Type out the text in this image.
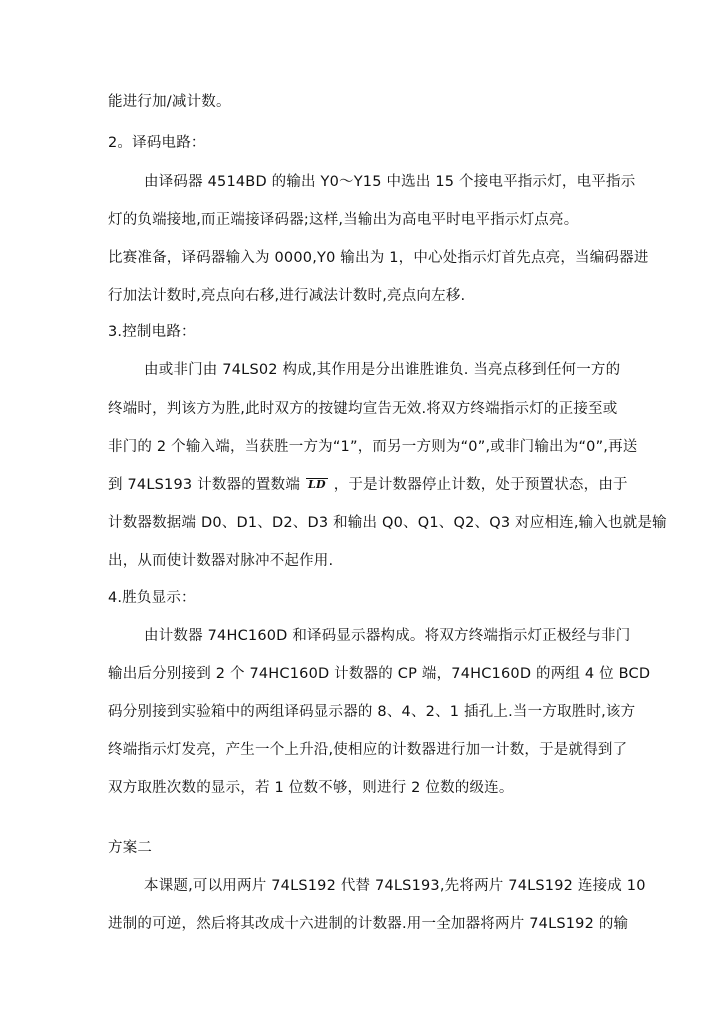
能进行加/减计数。
2。译码电路：
由译码器 4514BD 的输出 Y0～Y15 中选出 15 个接电平指示灯，电平指示
灯的负端接地,而正端接译码器;这样,当输出为高电平时电平指示灯点亮。
比赛准备，译码器输入为 0000,Y0 输出为 1，中心处指示灯首先点亮，当编码器进
行加法计数时,亮点向右移,进行减法计数时,亮点向左移.
3.控制电路：
由或非门由 74LS02 构成,其作用是分出谁胜谁负. 当亮点移到任何一方的
终端时，判该方为胜,此时双方的按键均宣告无效.将双方终端指示灯的正接至或
非门的 2 个输入端，当获胜一方为“1”，而另一方则为“0”,或非门输出为“0”,再送
到 74LS193 计数器的置数端 LD ，于是计数器停止计数，处于预置状态，由于
计数器数据端 D0、D1、D2、D3 和输出 Q0、Q1、Q2、Q3 对应相连,输入也就是输
出，从而使计数器对脉冲不起作用.
4.胜负显示：
由计数器 74HC160D 和译码显示器构成。将双方终端指示灯正极经与非门
输出后分别接到 2 个 74HC160D 计数器的 CP 端，74HC160D 的两组 4 位 BCD
码分别接到实验箱中的两组译码显示器的 8、4、2、1 插孔上.当一方取胜时,该方
终端指示灯发亮，产生一个上升沿,使相应的计数器进行加一计数，于是就得到了
双方取胜次数的显示，若 1 位数不够，则进行 2 位数的级连。
方案二
本课题,可以用两片 74LS192 代替 74LS193,先将两片 74LS192 连接成 10
进制的可逆，然后将其改成十六进制的计数器.用一全加器将两片 74LS192 的输
